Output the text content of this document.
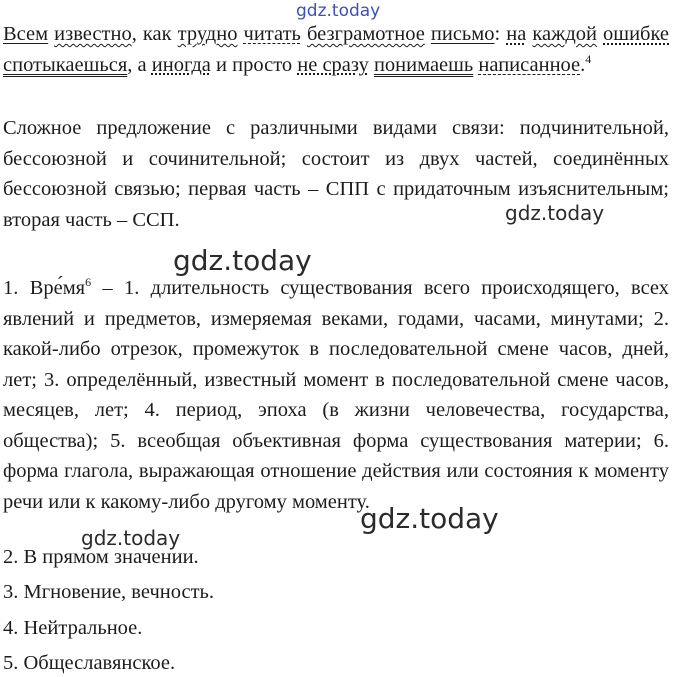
gdz.today

Всем известно, как трудно читать безграмотное письмо: на каждой ошибке спотыкаешься, а иногда и просто не сразу понимаешь написанное.$^4$

Сложное предложение с различными видами связи: подчинительной, бессоюзной и сочинительной; состоит из двух частей, соединённых бессоюзной связью; первая часть – СПП с придаточным изъяснительным; вторая часть – ССП.	gdz.today
gdz.today

1. $Вре́мя^6 - 1$. длительность существования всего происходящего, всех явлений и предметов, измеряемая веками, годами, часами, минутами; 2. какой-либо отрезок, промежуток в последовательной смене часов, дней, лет; 3. определённый, известный момент в последовательной смене часов, месяцев, лет; 4. период, эпоха (в жизни человечества, государства, общества); 5. всеобщая объективная форма существования материи; 6. форма глагола, выражающая отношение действия или состояния к моменту речи или к какому-либо другому моменту.

gdz.today
gdz.today

2. В прямом значении.

3. Мгновение, вечность.

4. Нейтральное.

5. Общеславянское.
